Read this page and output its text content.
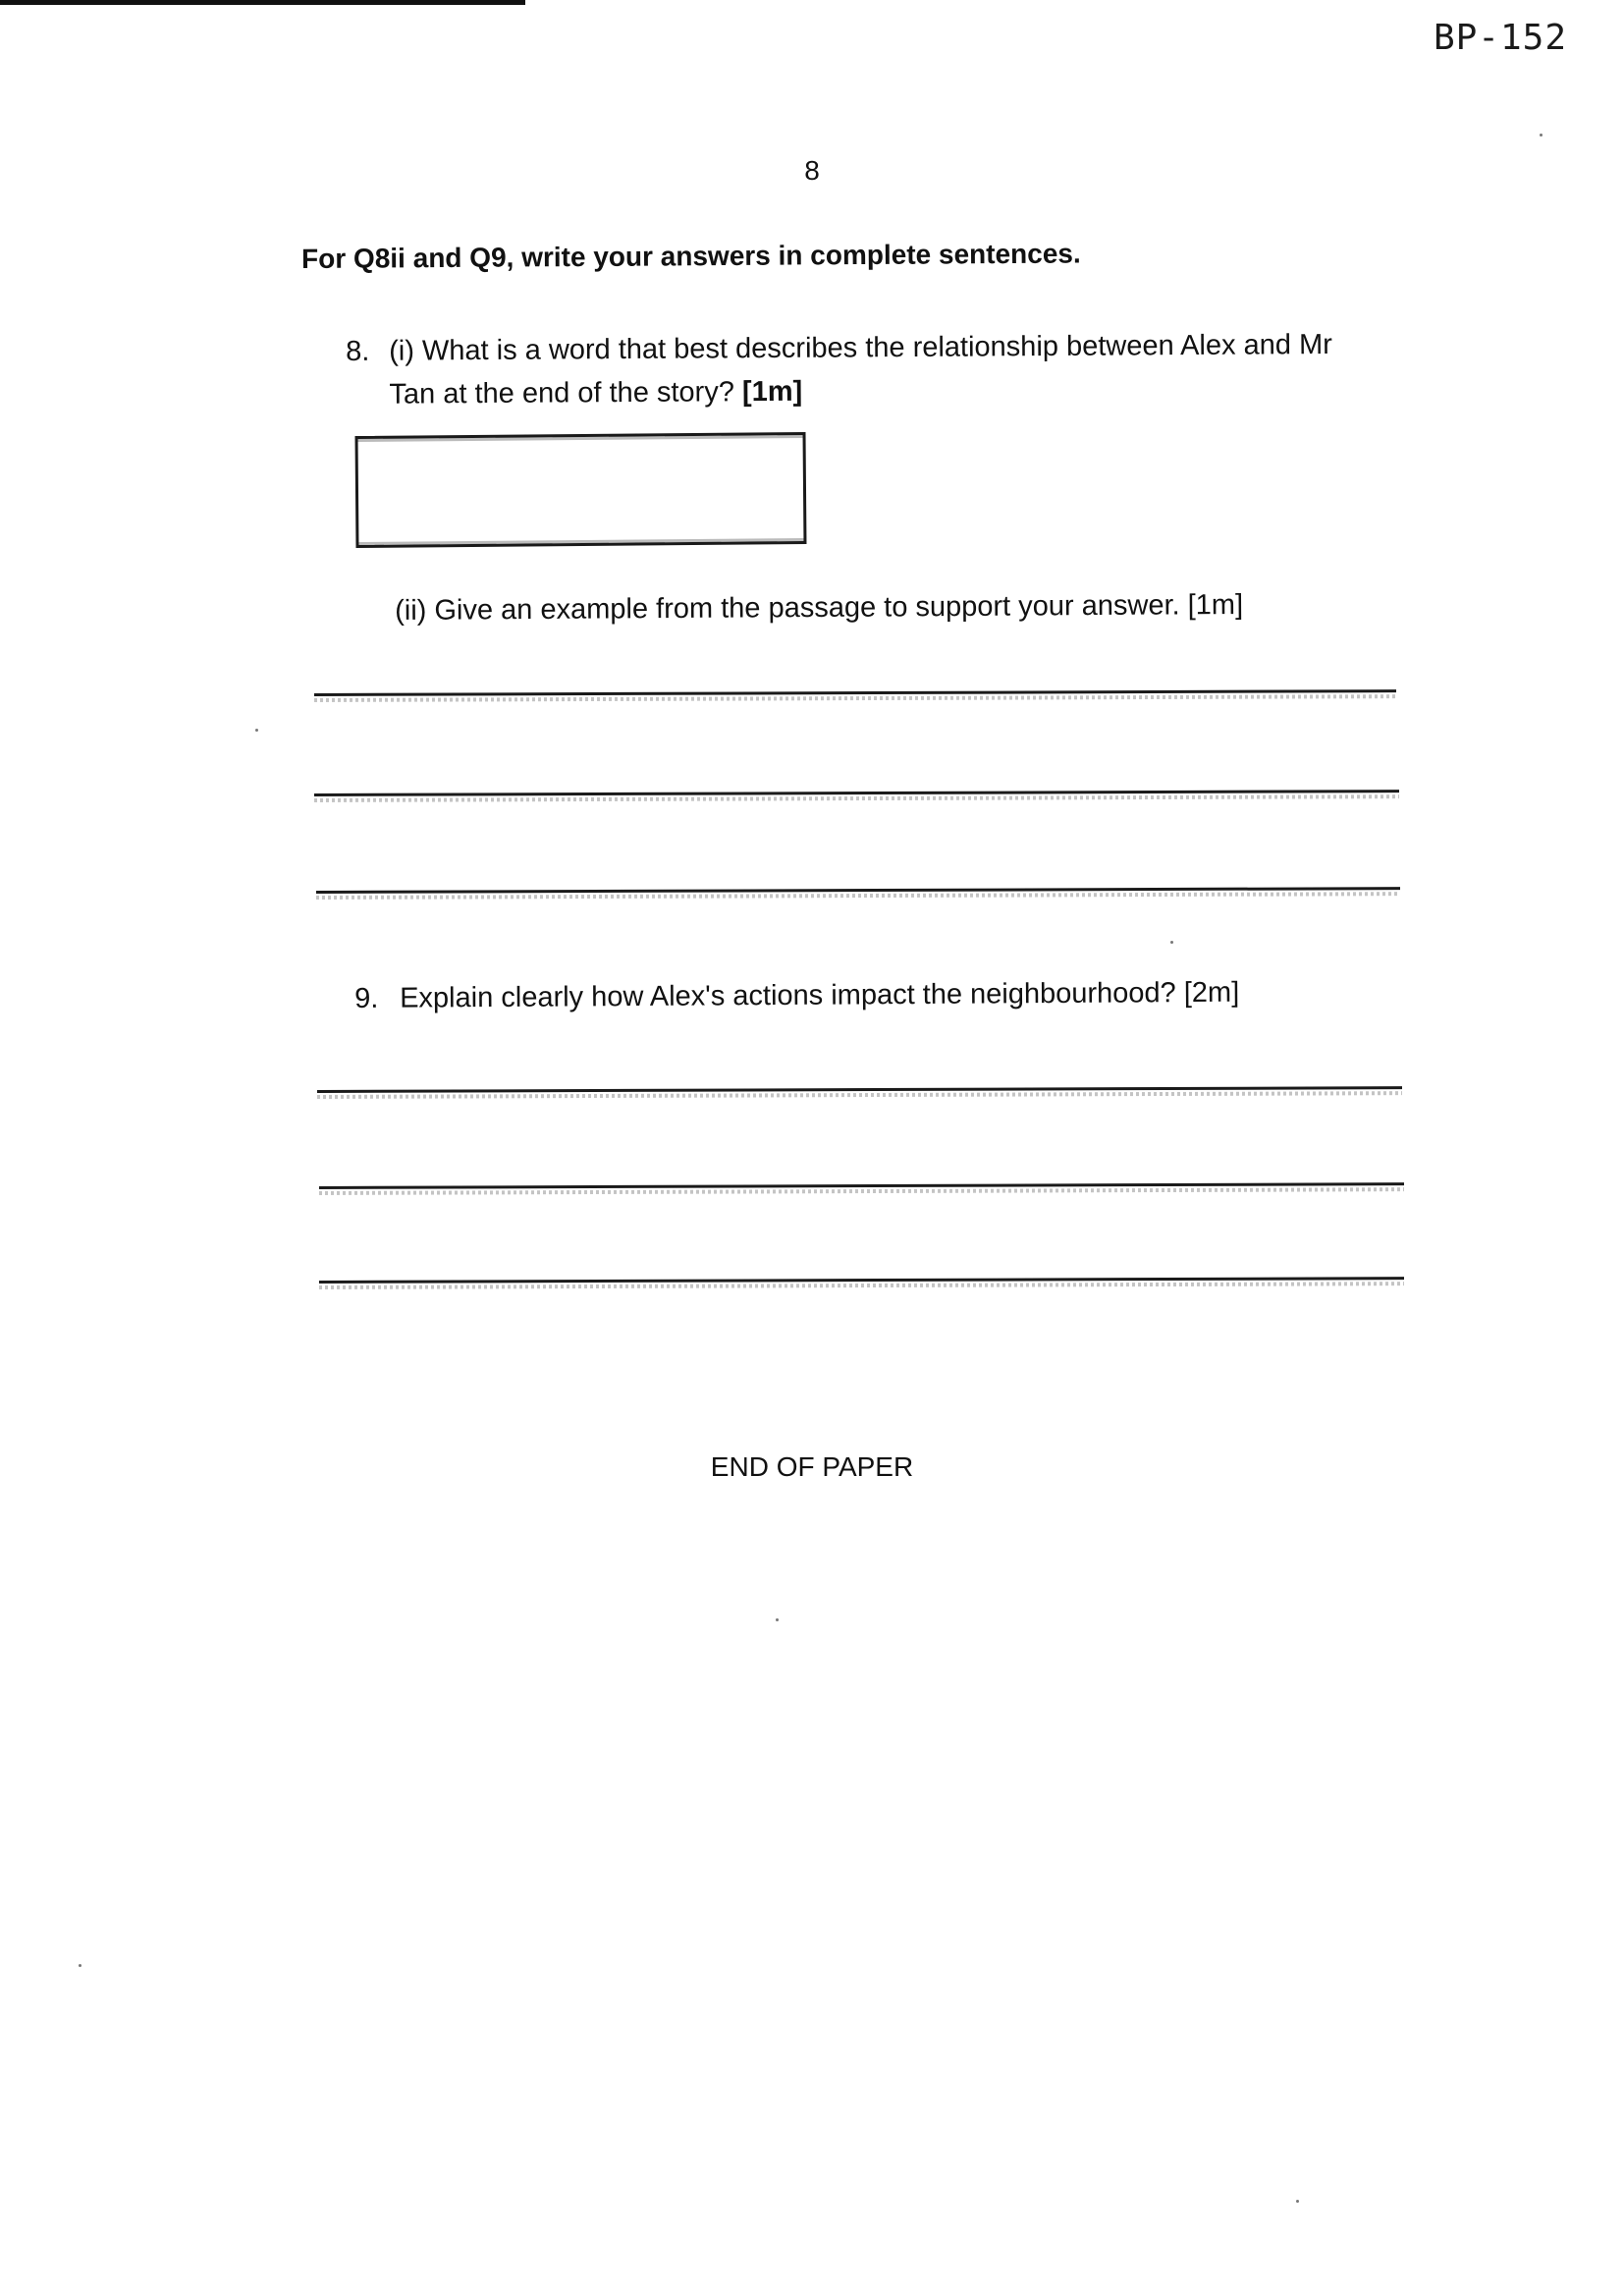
BP-152
8
For Q8ii and Q9, write your answers in complete sentences.
8. (i) What is a word that best describes the relationship between Alex and Mr
Tan at the end of the story? [1m]
(ii) Give an example from the passage to support your answer. [1m]
9. Explain clearly how Alex's actions impact the neighbourhood? [2m]
END OF PAPER
